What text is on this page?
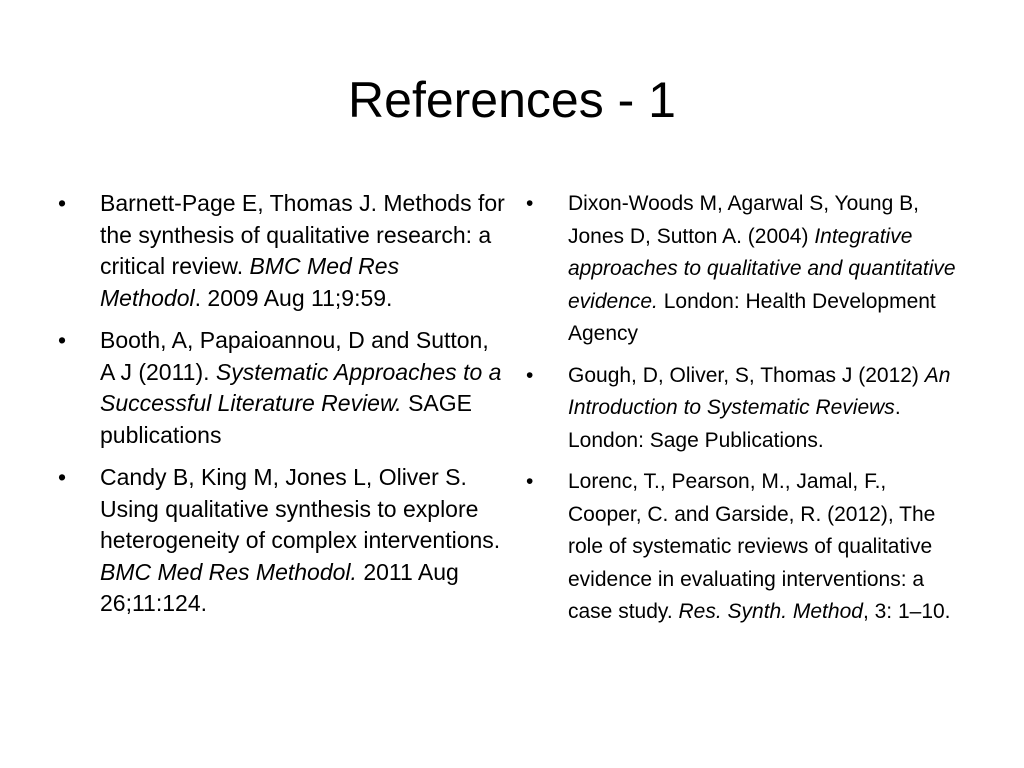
References - 1
• Barnett-Page E, Thomas J. Methods for the synthesis of qualitative research: a critical review. BMC Med Res Methodol. 2009 Aug 11;9:59.
• Booth, A, Papaioannou, D and Sutton, A J (2011). Systematic Approaches to a Successful Literature Review. SAGE publications
• Candy B, King M, Jones L, Oliver S. Using qualitative synthesis to explore heterogeneity of complex interventions. BMC Med Res Methodol. 2011 Aug 26;11:124.
• Dixon-Woods M, Agarwal S, Young B, Jones D, Sutton A. (2004) Integrative approaches to qualitative and quantitative evidence. London: Health Development Agency
• Gough, D, Oliver, S, Thomas J (2012) An Introduction to Systematic Reviews. London: Sage Publications.
• Lorenc, T., Pearson, M., Jamal, F., Cooper, C. and Garside, R. (2012), The role of systematic reviews of qualitative evidence in evaluating interventions: a case study. Res. Synth. Method, 3: 1–10.
